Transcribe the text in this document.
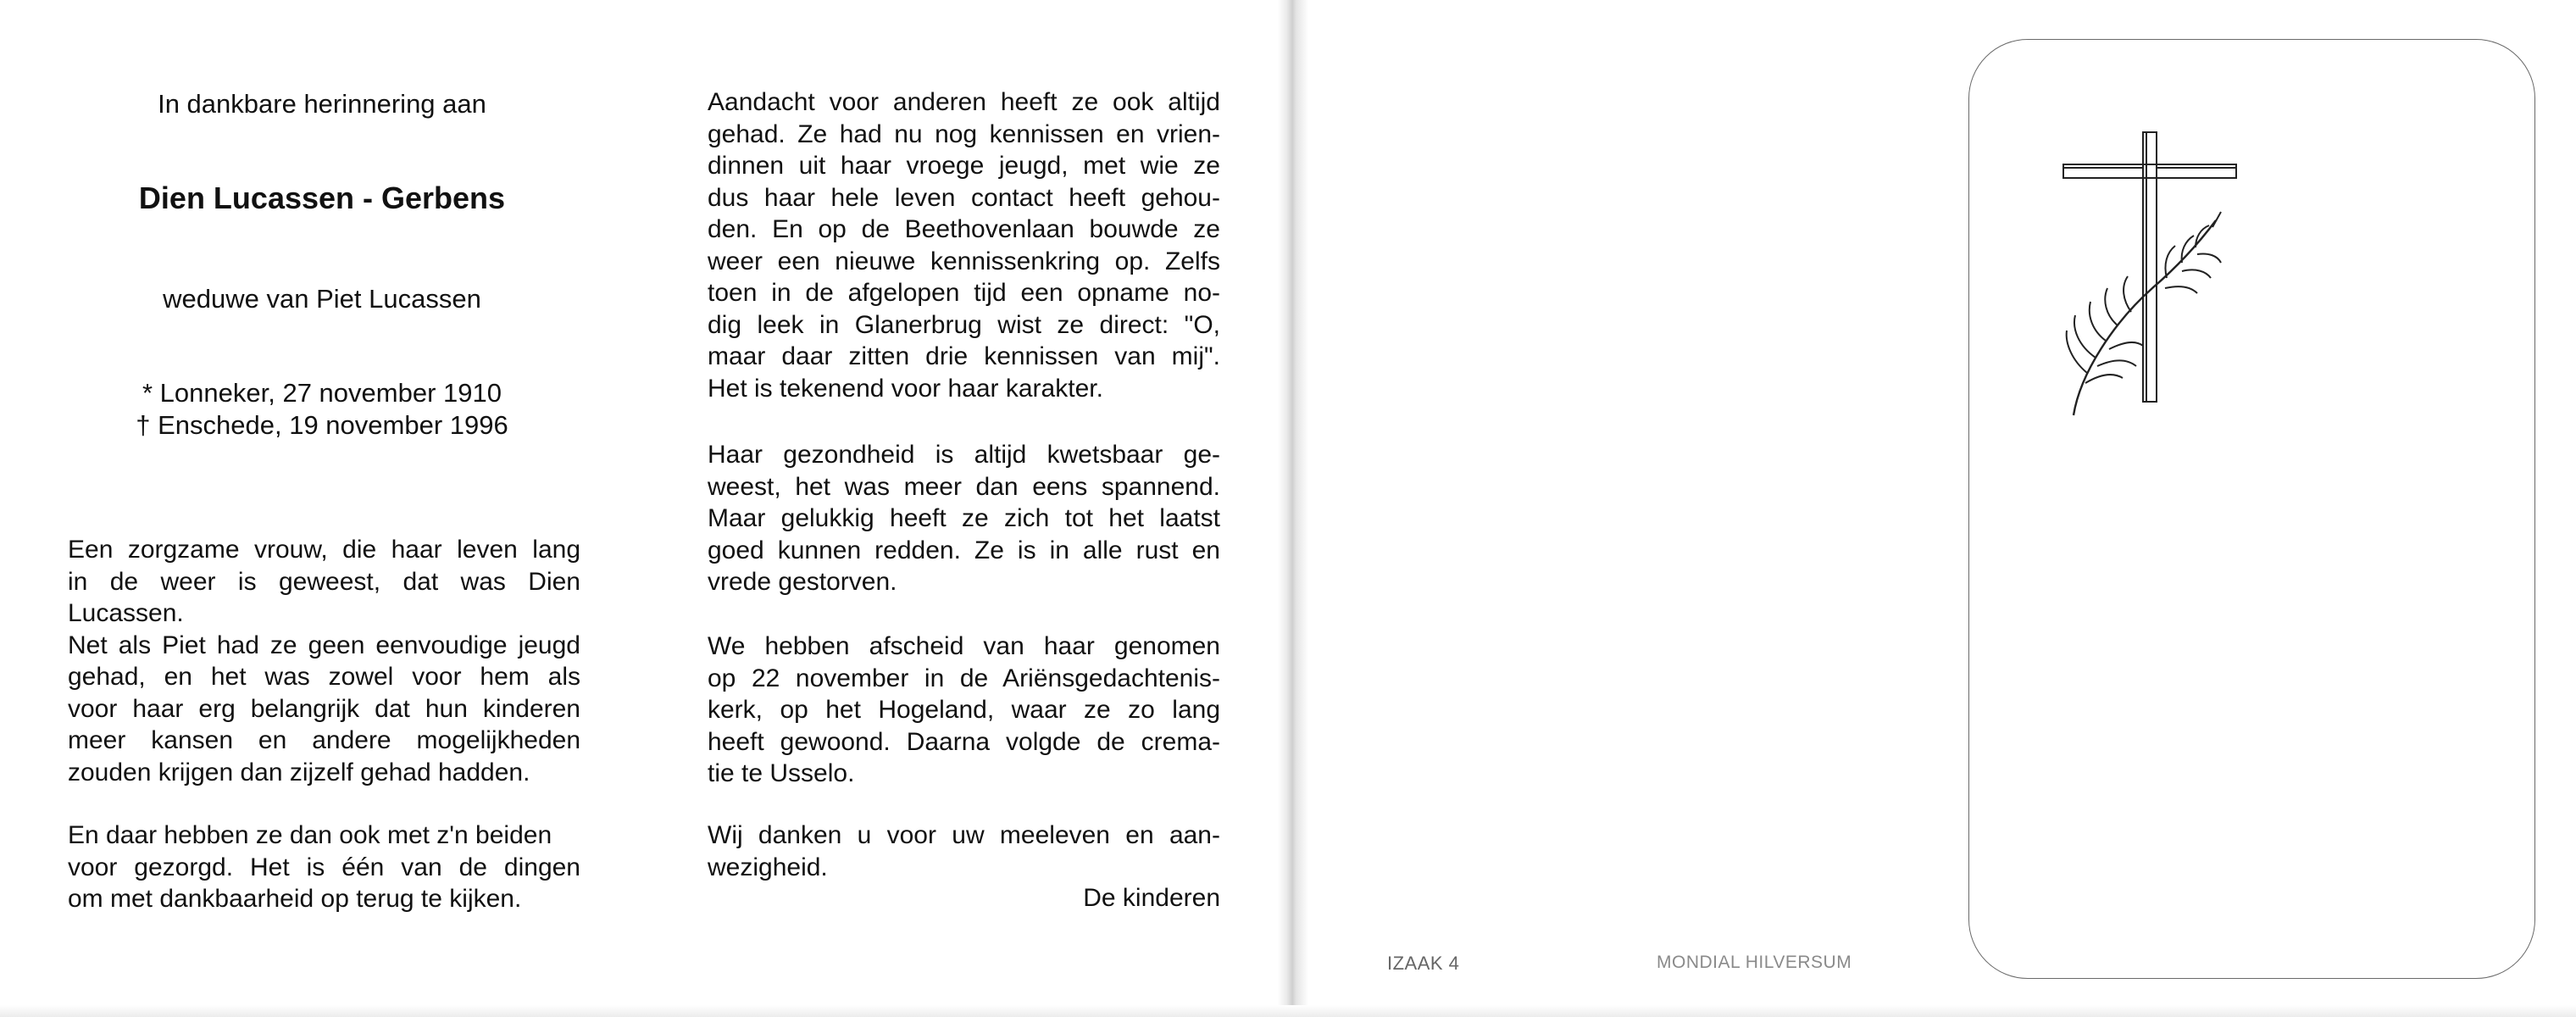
In dankbare herinnering aan
Dien Lucassen - Gerbens
weduwe van Piet Lucassen
* Lonneker, 27 november 1910
† Enschede, 19 november 1996
Een zorgzame vrouw, die haar leven lang
in de weer is geweest, dat was Dien
Lucassen.
Net als Piet had ze geen eenvoudige jeugd
gehad, en het was zowel voor hem als
voor haar erg belangrijk dat hun kinderen
meer kansen en andere mogelijkheden
zouden krijgen dan zijzelf gehad hadden.
En daar hebben ze dan ook met z'n beiden
voor gezorgd. Het is één van de dingen
om met dankbaarheid op terug te kijken.
Aandacht voor anderen heeft ze ook altijd
gehad. Ze had nu nog kennissen en vrien-
dinnen uit haar vroege jeugd, met wie ze
dus haar hele leven contact heeft gehou-
den. En op de Beethovenlaan bouwde ze
weer een nieuwe kennissenkring op. Zelfs
toen in de afgelopen tijd een opname no-
dig leek in Glanerbrug wist ze direct: "O,
maar daar zitten drie kennissen van mij".
Het is tekenend voor haar karakter.
Haar gezondheid is altijd kwetsbaar ge-
weest, het was meer dan eens spannend.
Maar gelukkig heeft ze zich tot het laatst
goed kunnen redden. Ze is in alle rust en
vrede gestorven.
We hebben afscheid van haar genomen
op 22 november in de Ariënsgedachtenis-
kerk, op het Hogeland, waar ze zo lang
heeft gewoond. Daarna volgde de crema-
tie te Usselo.
Wij danken u voor uw meeleven en aan-
wezigheid.
De kinderen
IZAAK 4	MONDIAL HILVERSUM
